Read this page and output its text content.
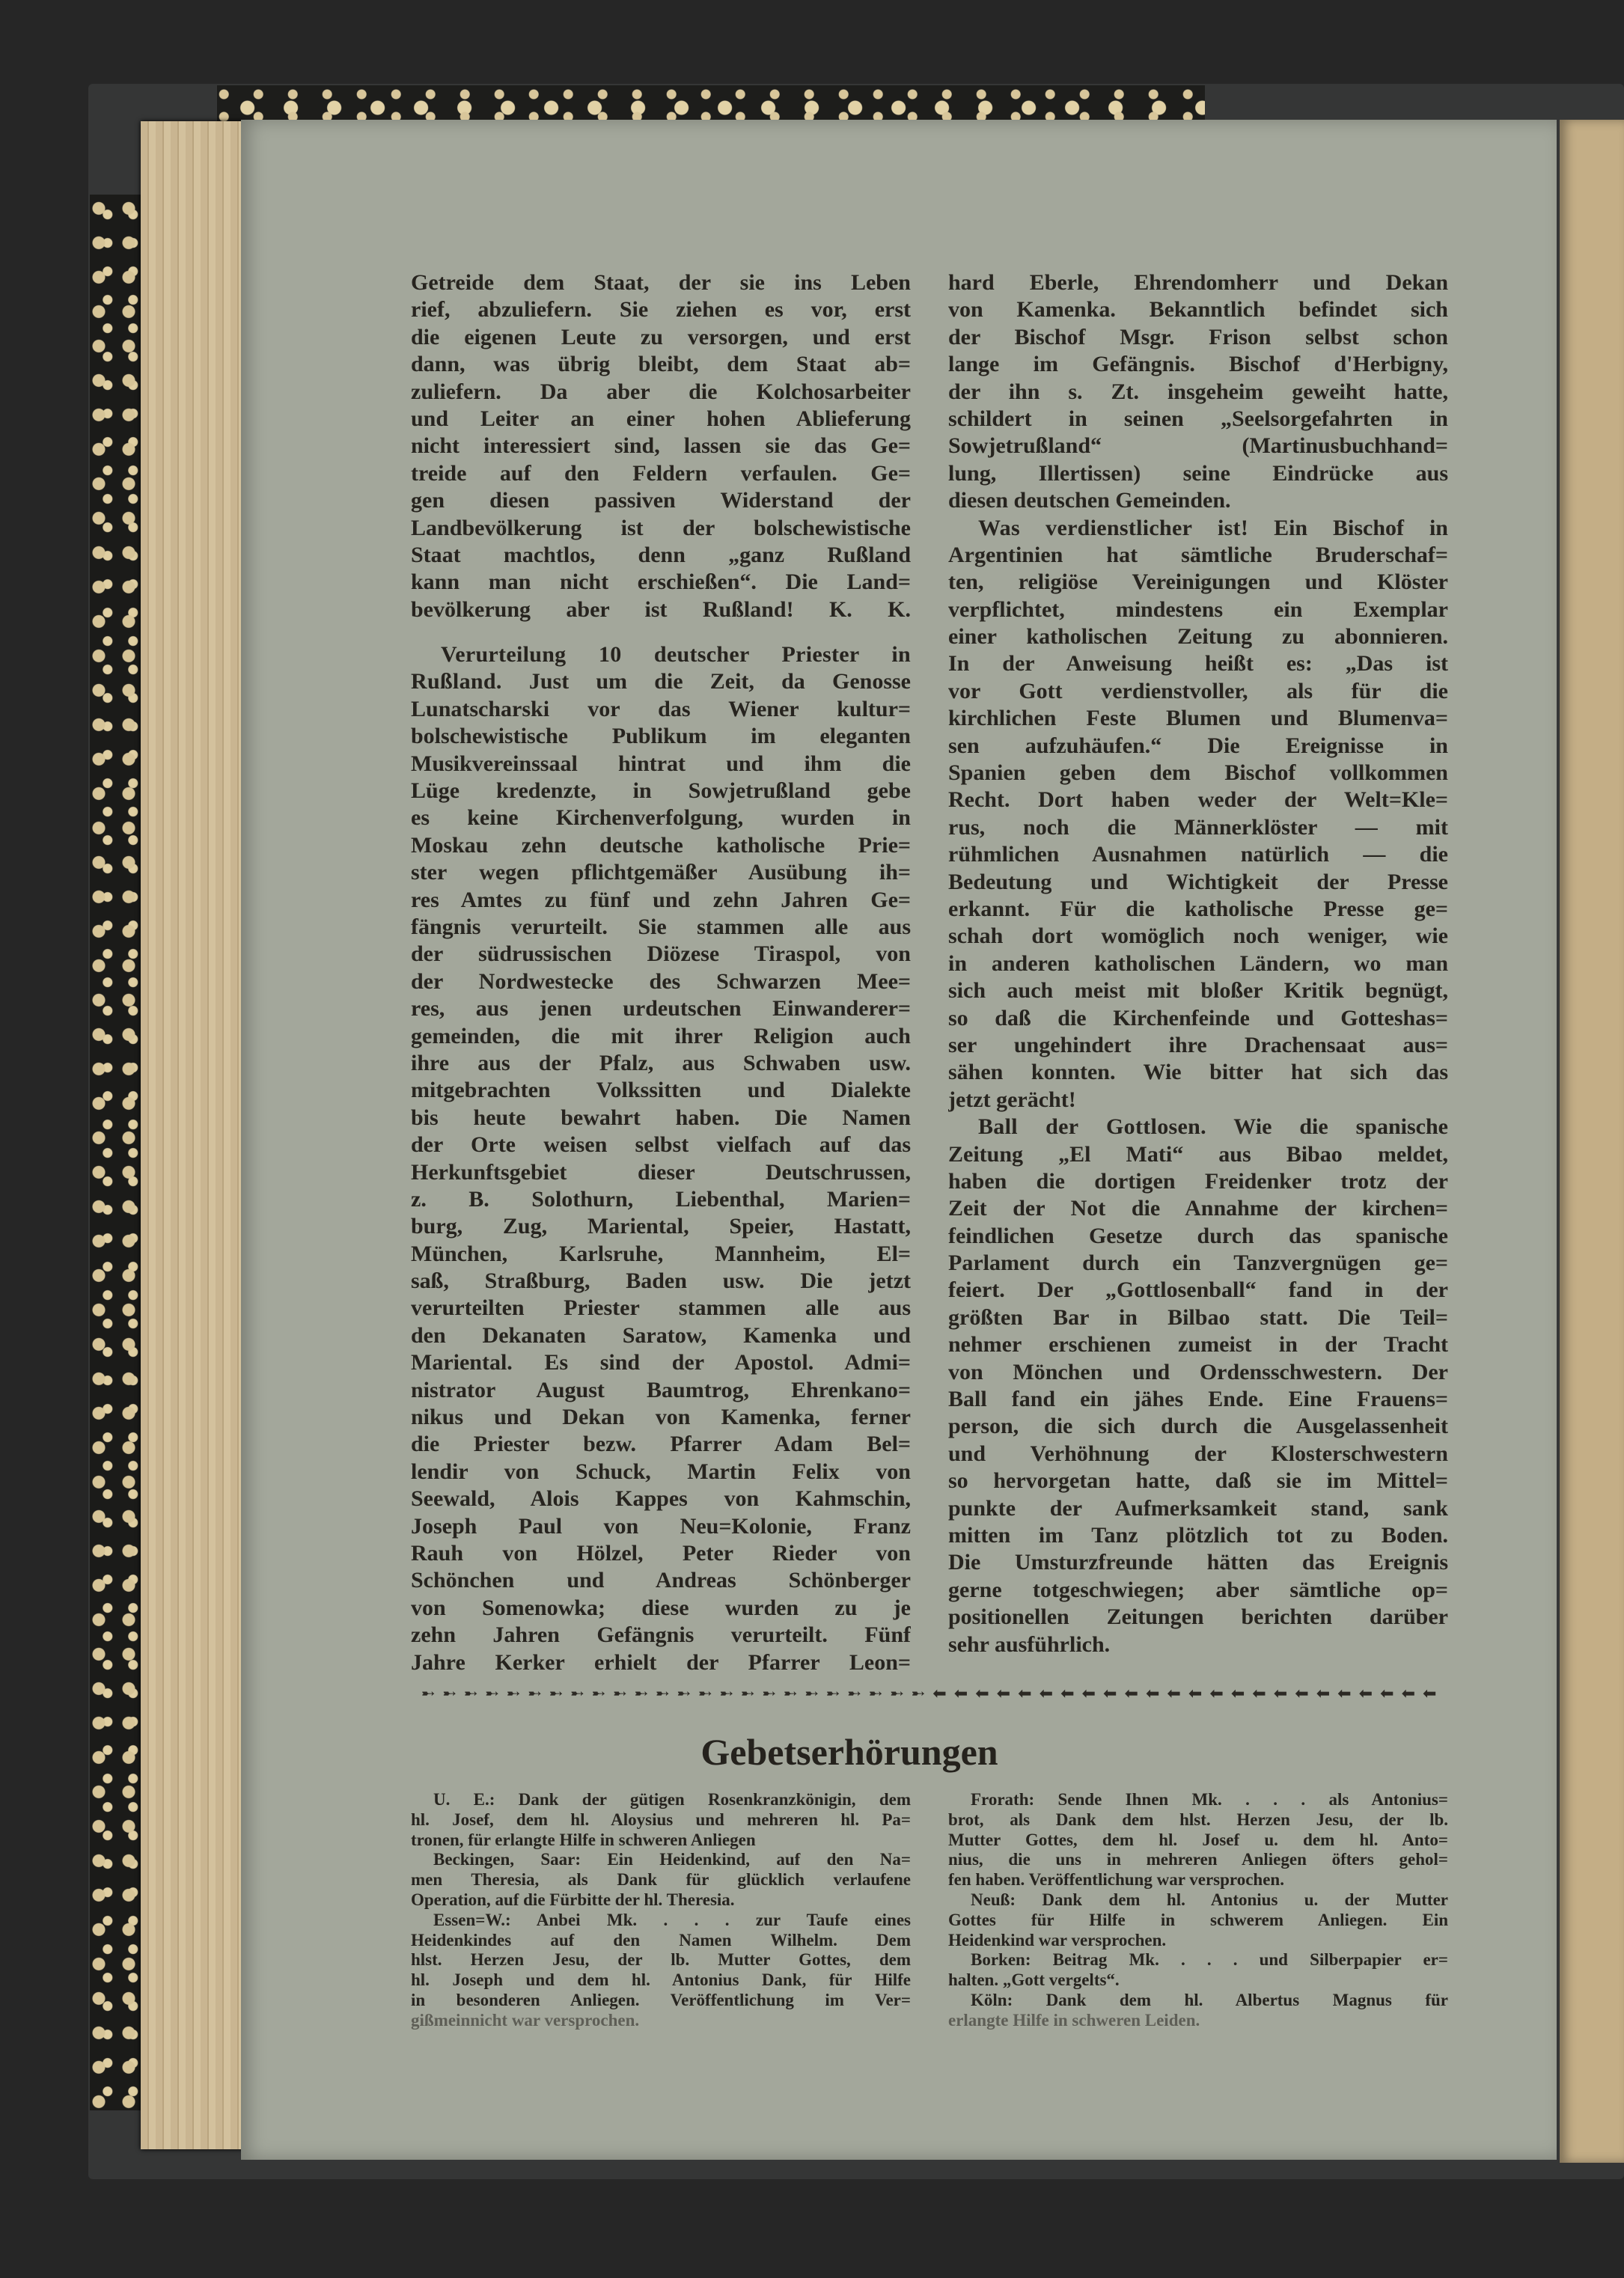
Getreide dem Staat, der sie ins Leben
rief, abzuliefern. Sie ziehen es vor, erst
die eigenen Leute zu versorgen, und erst
dann, was übrig bleibt, dem Staat ab=
zuliefern. Da aber die Kolchosarbeiter
und Leiter an einer hohen Ablieferung
nicht interessiert sind, lassen sie das Ge=
treide auf den Feldern verfaulen. Ge=
gen diesen passiven Widerstand der
Landbevölkerung ist der bolschewistische
Staat machtlos, denn „ganz Rußland
kann man nicht erschießen“. Die Land=
bevölkerung aber ist Rußland! K. K.
Verurteilung 10 deutscher Priester in
Rußland. Just um die Zeit, da Genosse
Lunatscharski vor das Wiener kultur=
bolschewistische Publikum im eleganten
Musikvereinssaal hintrat und ihm die
Lüge kredenzte, in Sowjetrußland gebe
es keine Kirchenverfolgung, wurden in
Moskau zehn deutsche katholische Prie=
ster wegen pflichtgemäßer Ausübung ih=
res Amtes zu fünf und zehn Jahren Ge=
fängnis verurteilt. Sie stammen alle aus
der südrussischen Diözese Tiraspol, von
der Nordwestecke des Schwarzen Mee=
res, aus jenen urdeutschen Einwanderer=
gemeinden, die mit ihrer Religion auch
ihre aus der Pfalz, aus Schwaben usw.
mitgebrachten Volkssitten und Dialekte
bis heute bewahrt haben. Die Namen
der Orte weisen selbst vielfach auf das
Herkunftsgebiet dieser Deutschrussen,
z. B. Solothurn, Liebenthal, Marien=
burg, Zug, Mariental, Speier, Hastatt,
München, Karlsruhe, Mannheim, El=
saß, Straßburg, Baden usw. Die jetzt
verurteilten Priester stammen alle aus
den Dekanaten Saratow, Kamenka und
Mariental. Es sind der Apostol. Admi=
nistrator August Baumtrog, Ehrenkano=
nikus und Dekan von Kamenka, ferner
die Priester bezw. Pfarrer Adam Bel=
lendir von Schuck, Martin Felix von
Seewald, Alois Kappes von Kahmschin,
Joseph Paul von Neu=Kolonie, Franz
Rauh von Hölzel, Peter Rieder von
Schönchen und Andreas Schönberger
von Somenowka; diese wurden zu je
zehn Jahren Gefängnis verurteilt. Fünf
Jahre Kerker erhielt der Pfarrer Leon=
hard Eberle, Ehrendomherr und Dekan
von Kamenka. Bekanntlich befindet sich
der Bischof Msgr. Frison selbst schon
lange im Gefängnis. Bischof d'Herbigny,
der ihn s. Zt. insgeheim geweiht hatte,
schildert in seinen „Seelsorgefahrten in
Sowjetrußland“ (Martinusbuchhand=
lung, Illertissen) seine Eindrücke aus
diesen deutschen Gemeinden.
Was verdienstlicher ist! Ein Bischof in
Argentinien hat sämtliche Bruderschaf=
ten, religiöse Vereinigungen und Klöster
verpflichtet, mindestens ein Exemplar
einer katholischen Zeitung zu abonnieren.
In der Anweisung heißt es: „Das ist
vor Gott verdienstvoller, als für die
kirchlichen Feste Blumen und Blumenva=
sen aufzuhäufen.“ Die Ereignisse in
Spanien geben dem Bischof vollkommen
Recht. Dort haben weder der Welt=Kle=
rus, noch die Männerklöster — mit
rühmlichen Ausnahmen natürlich — die
Bedeutung und Wichtigkeit der Presse
erkannt. Für die katholische Presse ge=
schah dort womöglich noch weniger, wie
in anderen katholischen Ländern, wo man
sich auch meist mit bloßer Kritik begnügt,
so daß die Kirchenfeinde und Gotteshas=
ser ungehindert ihre Drachensaat aus=
sähen konnten. Wie bitter hat sich das
jetzt gerächt!
Ball der Gottlosen. Wie die spanische
Zeitung „El Mati“ aus Bibao meldet,
haben die dortigen Freidenker trotz der
Zeit der Not die Annahme der kirchen=
feindlichen Gesetze durch das spanische
Parlament durch ein Tanzvergnügen ge=
feiert. Der „Gottlosenball“ fand in der
größten Bar in Bilbao statt. Die Teil=
nehmer erschienen zumeist in der Tracht
von Mönchen und Ordensschwestern. Der
Ball fand ein jähes Ende. Eine Frauens=
person, die sich durch die Ausgelassenheit
und Verhöhnung der Klosterschwestern
so hervorgetan hatte, daß sie im Mittel=
punkte der Aufmerksamkeit stand, sank
mitten im Tanz plötzlich tot zu Boden.
Die Umsturzfreunde hätten das Ereignis
gerne totgeschwiegen; aber sämtliche op=
positionellen Zeitungen berichten darüber
sehr ausführlich.
➸ ➸ ➸ ➸ ➸ ➸ ➸ ➸ ➸ ➸ ➸ ➸ ➸ ➸ ➸ ➸ ➸ ➸ ➸ ➸ ➸ ➸ ➸ ➸ ⬅ ⬅ ⬅ ⬅ ⬅ ⬅ ⬅ ⬅ ⬅ ⬅ ⬅ ⬅ ⬅ ⬅ ⬅ ⬅ ⬅ ⬅ ⬅ ⬅ ⬅ ⬅ ⬅ ⬅
Gebetserhörungen
U. E.: Dank der gütigen Rosenkranzkönigin, dem
hl. Josef, dem hl. Aloysius und mehreren hl. Pa=
tronen, für erlangte Hilfe in schweren Anliegen
Beckingen, Saar: Ein Heidenkind, auf den Na=
men Theresia, als Dank für glücklich verlaufene
Operation, auf die Fürbitte der hl. Theresia.
Essen=W.: Anbei Mk. . . . zur Taufe eines
Heidenkindes auf den Namen Wilhelm. Dem
hlst. Herzen Jesu, der lb. Mutter Gottes, dem
hl. Joseph und dem hl. Antonius Dank, für Hilfe
in besonderen Anliegen. Veröffentlichung im Ver=
gißmeinnicht war versprochen.
Frorath: Sende Ihnen Mk. . . . als Antonius=
brot, als Dank dem hlst. Herzen Jesu, der lb.
Mutter Gottes, dem hl. Josef u. dem hl. Anto=
nius, die uns in mehreren Anliegen öfters gehol=
fen haben. Veröffentlichung war versprochen.
Neuß: Dank dem hl. Antonius u. der Mutter
Gottes für Hilfe in schwerem Anliegen. Ein
Heidenkind war versprochen.
Borken: Beitrag Mk. . . . und Silberpapier er=
halten. „Gott vergelts“.
Köln: Dank dem hl. Albertus Magnus für
erlangte Hilfe in schweren Leiden.
